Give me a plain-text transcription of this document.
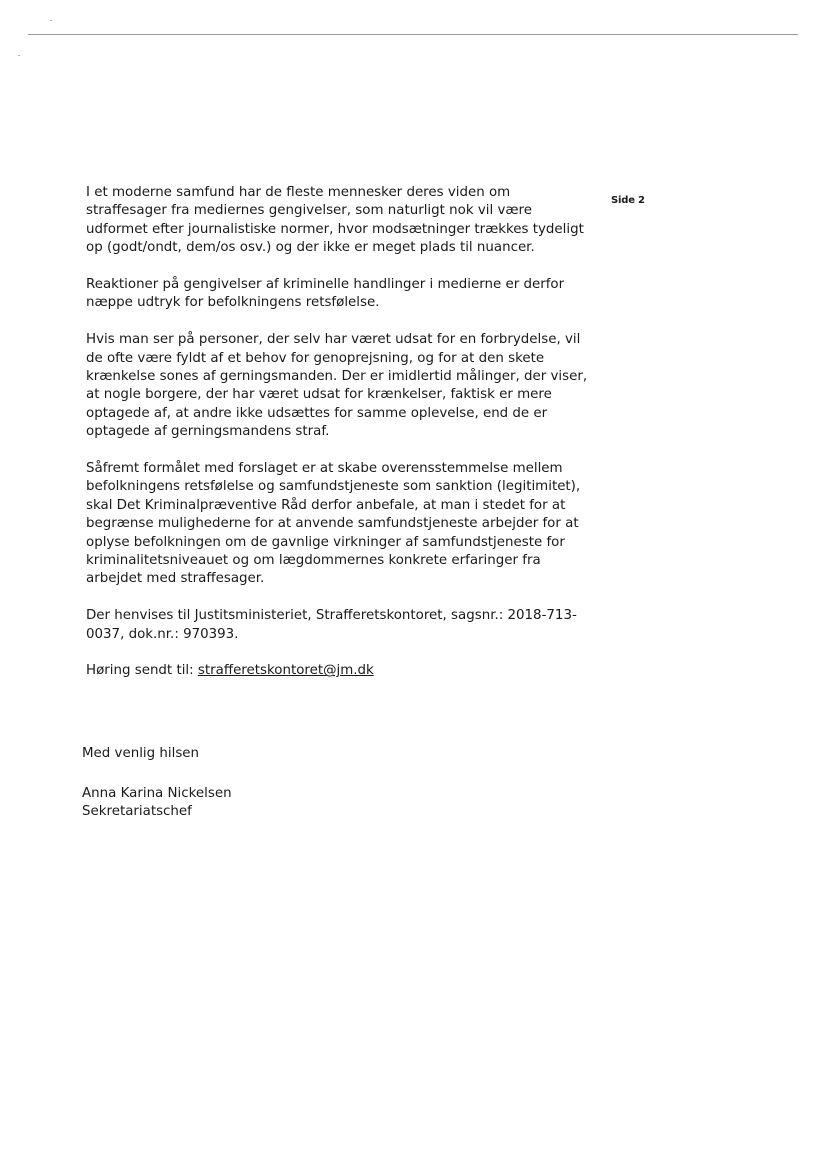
Side 2

I et moderne samfund har de fleste mennesker deres viden om
straffesager fra mediernes gengivelser, som naturligt nok vil være
udformet efter journalistiske normer, hvor modsætninger trækkes tydeligt
op (godt/ondt, dem/os osv.) og der ikke er meget plads til nuancer.

Reaktioner på gengivelser af kriminelle handlinger i medierne er derfor
næppe udtryk for befolkningens retsfølelse.

Hvis man ser på personer, der selv har været udsat for en forbrydelse, vil
de ofte være fyldt af et behov for genoprejsning, og for at den skete
krænkelse sones af gerningsmanden. Der er imidlertid målinger, der viser,
at nogle borgere, der har været udsat for krænkelser, faktisk er mere
optagede af, at andre ikke udsættes for samme oplevelse, end de er
optagede af gerningsmandens straf.

Såfremt formålet med forslaget er at skabe overensstemmelse mellem
befolkningens retsfølelse og samfundstjeneste som sanktion (legitimitet),
skal Det Kriminalpræventive Råd derfor anbefale, at man i stedet for at
begrænse mulighederne for at anvende samfundstjeneste arbejder for at
oplyse befolkningen om de gavnlige virkninger af samfundstjeneste for
kriminalitetsniveauet og om lægdommernes konkrete erfaringer fra
arbejdet med straffesager.

Der henvises til Justitsministeriet, Strafferetskontoret, sagsnr.: 2018-713-
0037, dok.nr.: 970393.

Høring sendt til: strafferetskontoret@jm.dk

Med venlig hilsen
Anna Karina Nickelsen
Sekretariatschef
